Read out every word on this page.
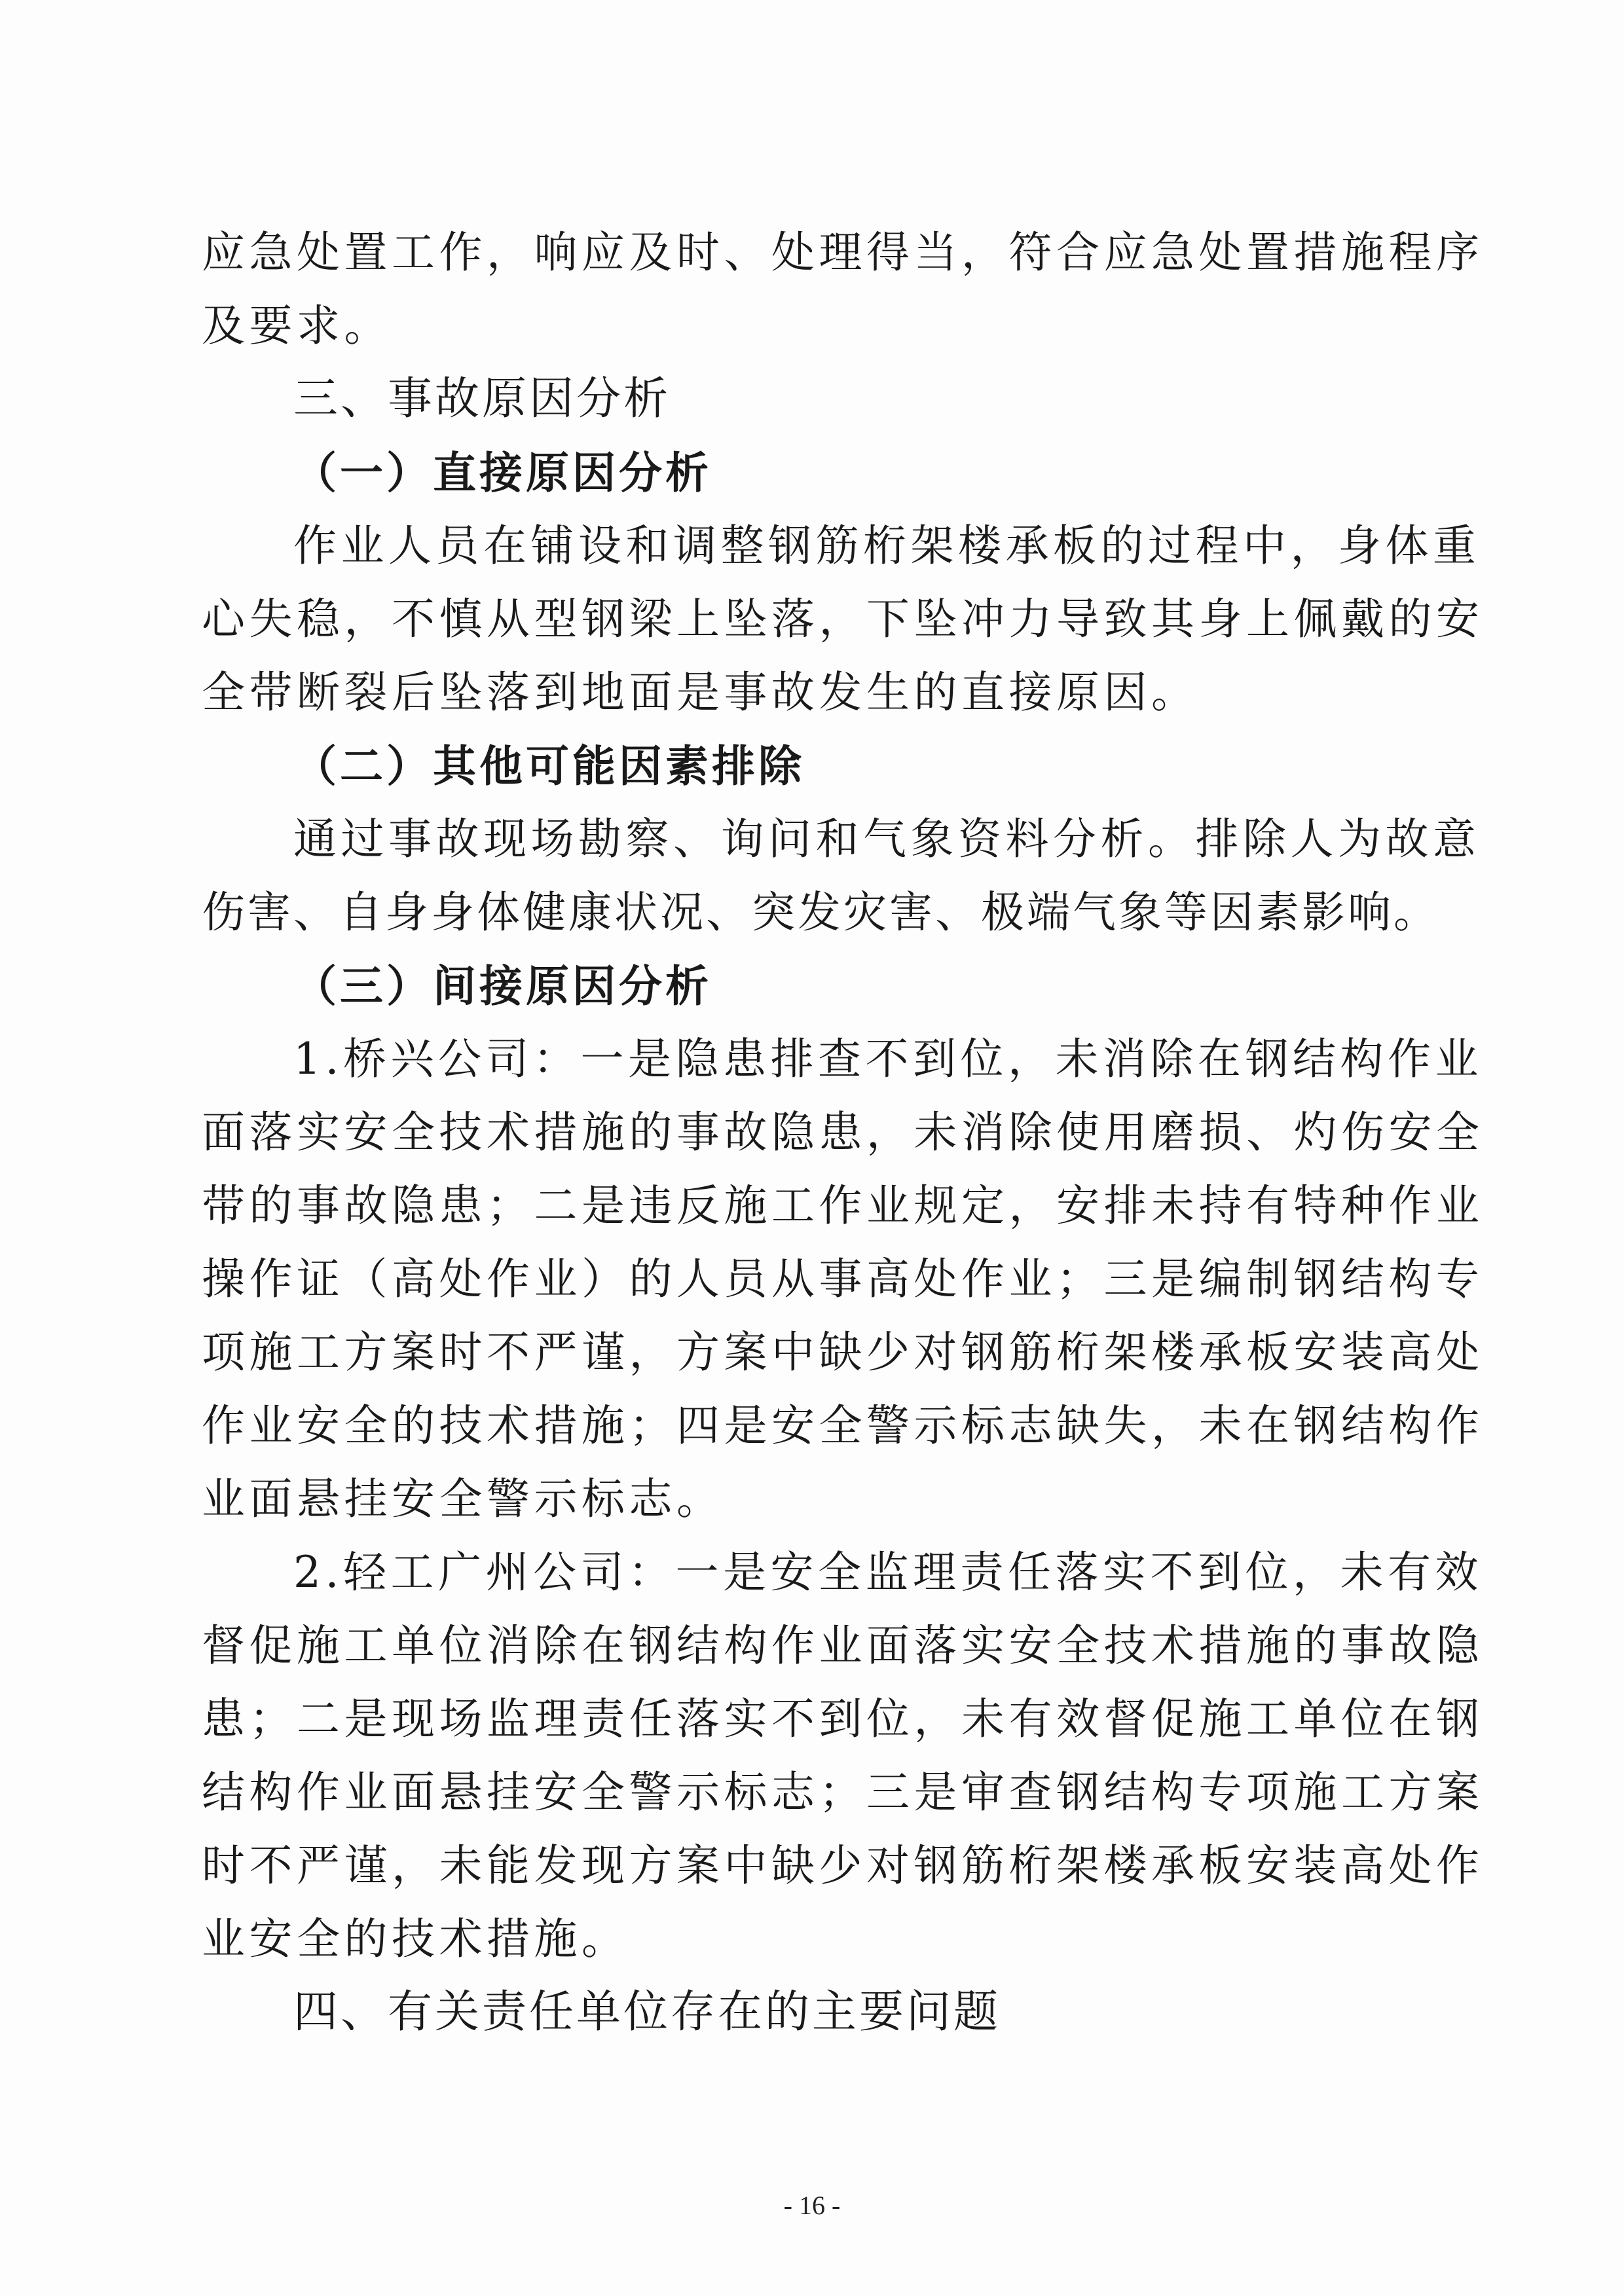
应急处置工作，响应及时、处理得当，符合应急处置措施程序
及要求。
三、事故原因分析
（一）直接原因分析
作业人员在铺设和调整钢筋桁架楼承板的过程中，身体重
心失稳，不慎从型钢梁上坠落，下坠冲力导致其身上佩戴的安
全带断裂后坠落到地面是事故发生的直接原因。
（二）其他可能因素排除
通过事故现场勘察、询问和气象资料分析。排除人为故意
伤害、自身身体健康状况、突发灾害、极端气象等因素影响。
（三）间接原因分析
1.桥兴公司：一是隐患排查不到位，未消除在钢结构作业
面落实安全技术措施的事故隐患，未消除使用磨损、灼伤安全
带的事故隐患；二是违反施工作业规定，安排未持有特种作业
操作证（高处作业）的人员从事高处作业；三是编制钢结构专
项施工方案时不严谨，方案中缺少对钢筋桁架楼承板安装高处
作业安全的技术措施；四是安全警示标志缺失，未在钢结构作
业面悬挂安全警示标志。
2.轻工广州公司：一是安全监理责任落实不到位，未有效
督促施工单位消除在钢结构作业面落实安全技术措施的事故隐
患；二是现场监理责任落实不到位，未有效督促施工单位在钢
结构作业面悬挂安全警示标志；三是审查钢结构专项施工方案
时不严谨，未能发现方案中缺少对钢筋桁架楼承板安装高处作
业安全的技术措施。
四、有关责任单位存在的主要问题
- 16 -
